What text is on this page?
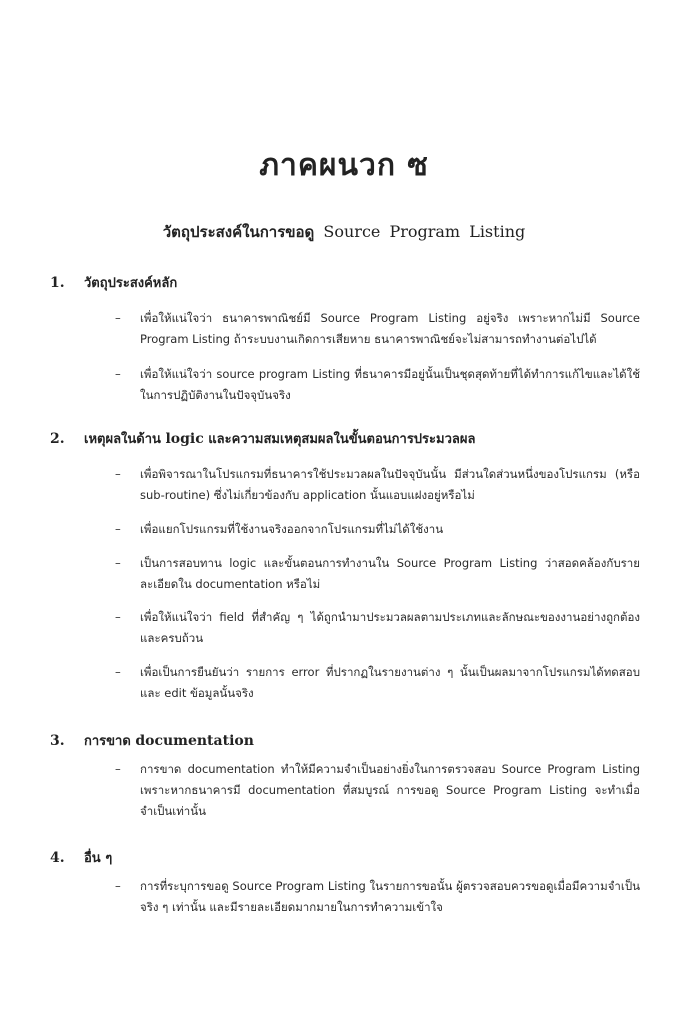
ภาคผนวก ซ
วัตถุประสงค์ในการขอดู Source Program Listing
1. วัตถุประสงค์หลัก
– เพื่อให้แน่ใจว่า ธนาคารพาณิชย์มี Source Program Listing อยู่จริง เพราะหากไม่มี Source Program Listing ถ้าระบบงานเกิดการเสียหาย ธนาคารพาณิชย์จะไม่สามารถทำงานต่อไปได้
– เพื่อให้แน่ใจว่า source program Listing ที่ธนาคารมีอยู่นั้นเป็นชุดสุดท้ายที่ได้ทำการแก้ไขและได้ใช้ในการปฏิบัติงานในปัจจุบันจริง
2. เหตุผลในด้าน logic และความสมเหตุสมผลในขั้นตอนการประมวลผล
– เพื่อพิจารณาในโปรแกรมที่ธนาคารใช้ประมวลผลในปัจจุบันนั้น มีส่วนใดส่วนหนึ่งของโปรแกรม (หรือ sub-routine) ซึ่งไม่เกี่ยวข้องกับ application นั้นแอบแฝงอยู่หรือไม่
– เพื่อแยกโปรแกรมที่ใช้งานจริงออกจากโปรแกรมที่ไม่ได้ใช้งาน
– เป็นการสอบทาน logic และขั้นตอนการทำงานใน Source Program Listing ว่าสอดคล้องกับรายละเอียดใน documentation หรือไม่
– เพื่อให้แน่ใจว่า field ที่สำคัญ ๆ ได้ถูกนำมาประมวลผลตามประเภทและลักษณะของงานอย่างถูกต้องและครบถ้วน
– เพื่อเป็นการยืนยันว่า รายการ error ที่ปรากฏในรายงานต่าง ๆ นั้นเป็นผลมาจากโปรแกรมได้ทดสอบและ edit ข้อมูลนั้นจริง
3. การขาด documentation
– การขาด documentation ทำให้มีความจำเป็นอย่างยิ่งในการตรวจสอบ Source Program Listing เพราะหากธนาคารมี documentation ที่สมบูรณ์ การขอดู Source Program Listing จะทำเมื่อจำเป็นเท่านั้น
4. อื่น ๆ
– การที่ระบุการขอดู Source Program Listing ในรายการขอนั้น ผู้ตรวจสอบควรขอดูเมื่อมีความจำเป็นจริง ๆ เท่านั้น และมีรายละเอียดมากมายในการทำความเข้าใจ
